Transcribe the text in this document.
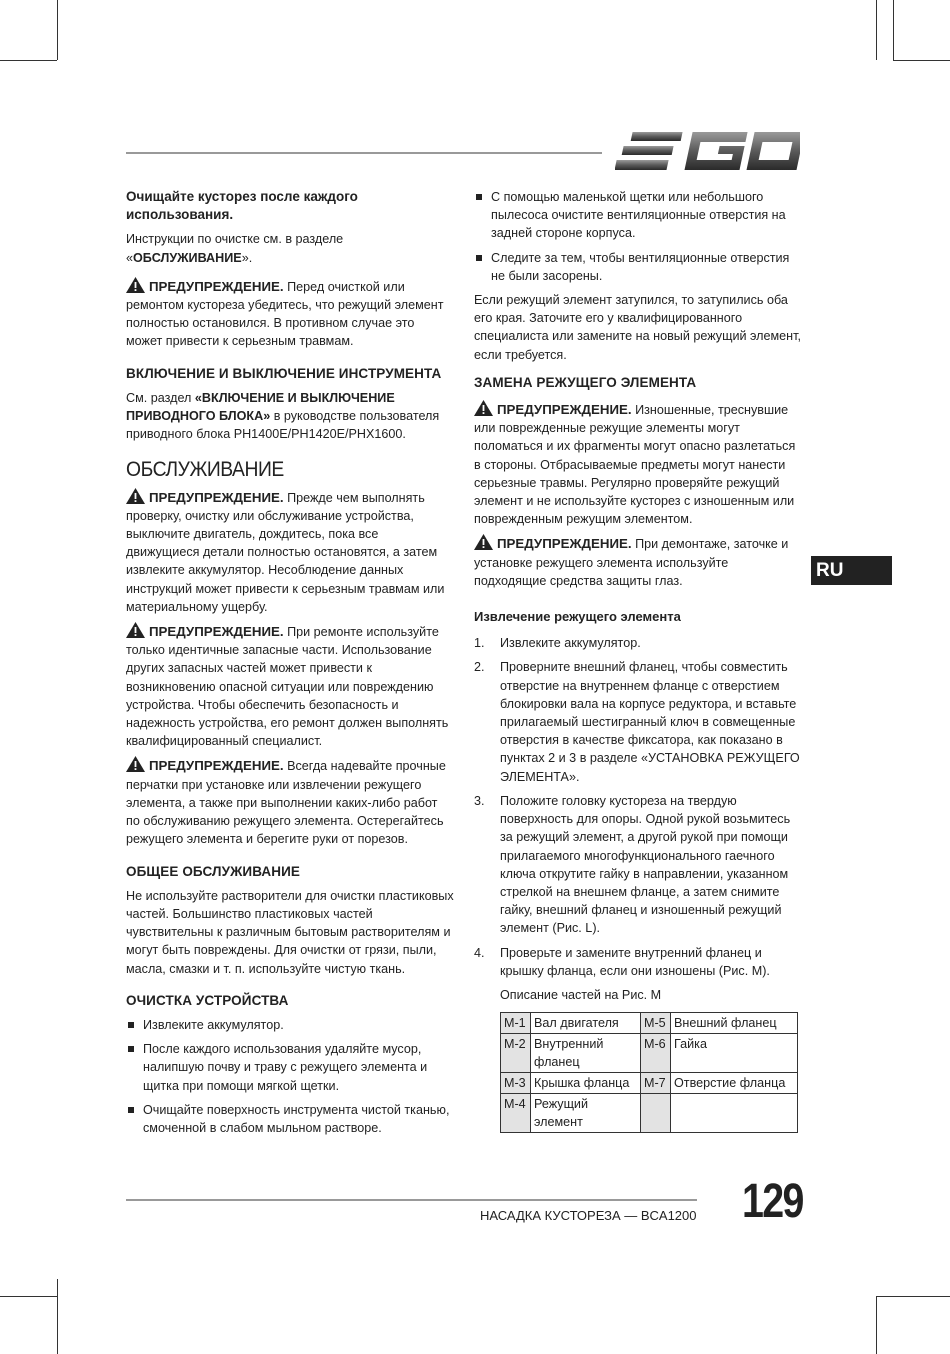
Очищайте кусторез после каждого использования.

Инструкции по очистке см. в разделе «ОБСЛУЖИВАНИЕ».

ПРЕДУПРЕЖДЕНИЕ. Перед очисткой или ремонтом кустореза убедитесь, что режущий элемент полностью остановился. В противном случае это может привести к серьезным травмам.

ВКЛЮЧЕНИЕ И ВЫКЛЮЧЕНИЕ ИНСТРУМЕНТА

См. раздел «ВКЛЮЧЕНИЕ И ВЫКЛЮЧЕНИЕ ПРИВОДНОГО БЛОКА» в руководстве пользователя приводного блока PH1400E/PH1420E/PHX1600.

ОБСЛУЖИВАНИЕ

ПРЕДУПРЕЖДЕНИЕ. Прежде чем выполнять проверку, очистку или обслуживание устройства, выключите двигатель, дождитесь, пока все движущиеся детали полностью остановятся, а затем извлеките аккумулятор. Несоблюдение данных инструкций может привести к серьезным травмам или материальному ущербу.

ПРЕДУПРЕЖДЕНИЕ. При ремонте используйте только идентичные запасные части. Использование других запасных частей может привести к возникновению опасной ситуации или повреждению устройства. Чтобы обеспечить безопасность и надежность устройства, его ремонт должен выполнять квалифицированный специалист.

ПРЕДУПРЕЖДЕНИЕ. Всегда надевайте прочные перчатки при установке или извлечении режущего элемента, а также при выполнении каких-либо работ по обслуживанию режущего элемента. Остерегайтесь режущего элемента и берегите руки от порезов.

ОБЩЕЕ ОБСЛУЖИВАНИЕ

Не используйте растворители для очистки пластиковых частей. Большинство пластиковых частей чувствительны к различным бытовым растворителям и могут быть повреждены. Для очистки от грязи, пыли, масла, смазки и т. п. используйте чистую ткань.

ОЧИСТКА УСТРОЙСТВА
Извлеките аккумулятор.
После каждого использования удаляйте мусор, налипшую почву и траву с режущего элемента и щитка при помощи мягкой щетки.
Очищайте поверхность инструмента чистой тканью, смоченной в слабом мыльном растворе.
С помощью маленькой щетки или небольшого пылесоса очистите вентиляционные отверстия на задней стороне корпуса.
Следите за тем, чтобы вентиляционные отверстия не были засорены.

Если режущий элемент затупился, то затупились оба его края. Заточите его у квалифицированного специалиста или замените на новый режущий элемент, если требуется.

ЗАМЕНА РЕЖУЩЕГО ЭЛЕМЕНТА

ПРЕДУПРЕЖДЕНИЕ. Изношенные, треснувшие или поврежденные режущие элементы могут поломаться и их фрагменты могут опасно разлетаться в стороны. Отбрасываемые предметы могут нанести серьезные травмы. Регулярно проверяйте режущий элемент и не используйте кусторез с изношенным или поврежденным режущим элементом.

ПРЕДУПРЕЖДЕНИЕ. При демонтаже, заточке и установке режущего элемента используйте подходящие средства защиты глаз.

Извлечение режущего элемента

1. Извлеките аккумулятор.
2. Проверните внешний фланец, чтобы совместить отверстие на внутреннем фланце с отверстием блокировки вала на корпусе редуктора, и вставьте прилагаемый шестигранный ключ в совмещенные отверстия в качестве фиксатора, как показано в пунктах 2 и 3 в разделе «УСТАНОВКА РЕЖУЩЕГО ЭЛЕМЕНТА».
3. Положите головку кустореза на твердую поверхность для опоры. Одной рукой возьмитесь за режущий элемент, а другой рукой при помощи прилагаемого многофункционального гаечного ключа открутите гайку в направлении, указанном стрелкой на внешнем фланце, а затем снимите гайку, внешний фланец и изношенный режущий элемент (Рис. L).
4. Проверьте и замените внутренний фланец и крышку фланца, если они изношены (Рис. M).

Описание частей на Рис. M

M-1	Вал двигателя	M-5	Внешний фланец
M-2	Внутренний фланец	M-6	Гайка
M-3	Крышка фланца	M-7	Отверстие фланца
M-4	Режущий элемент		
RU
НАСАДКА КУСТОРЕЗА — BCA1200 129
